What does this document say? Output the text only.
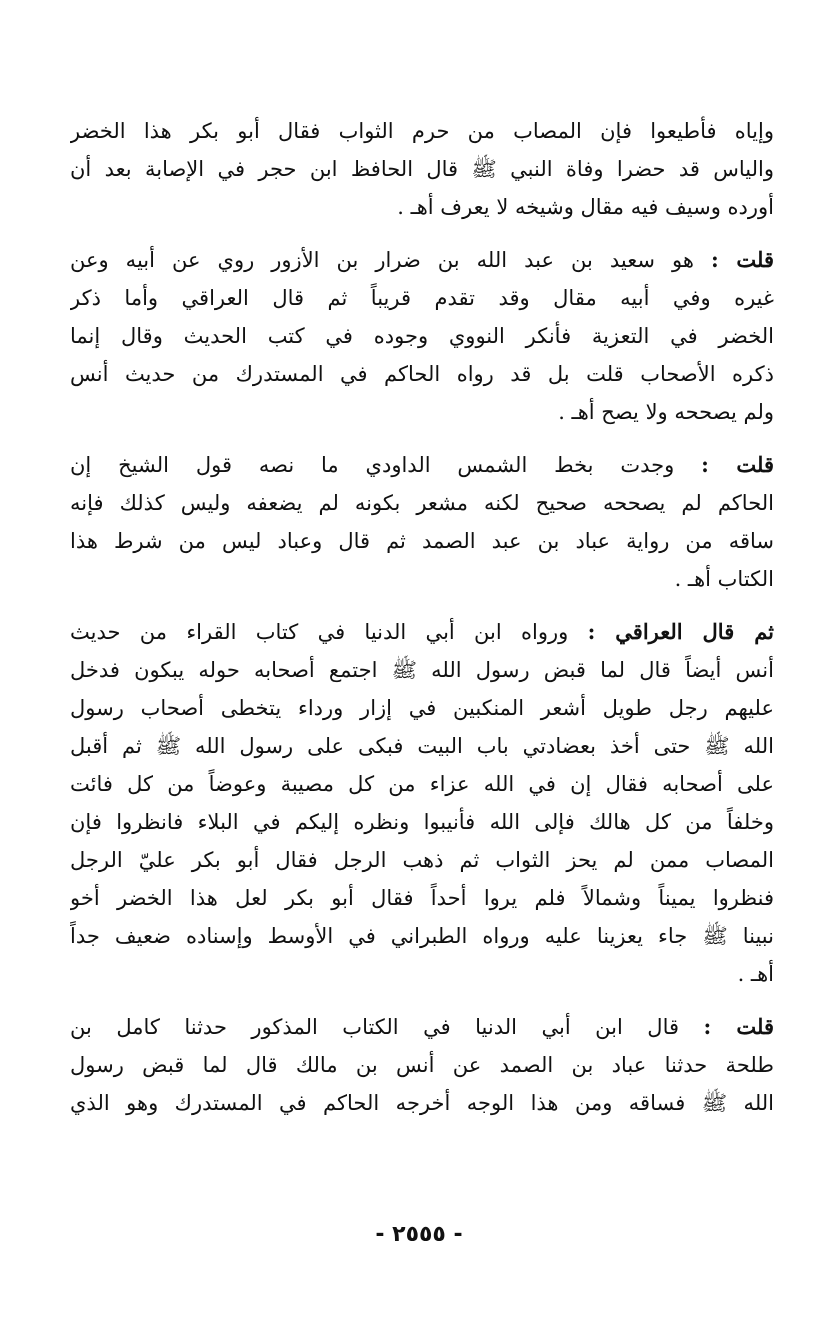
وإياه فأطيعوا فإن المصاب من حرم الثواب فقال أبو بكر هذا الخضر
والياس قد حضرا وفاة النبي ﷺ قال الحافظ ابن حجر في الإصابة بعد أن
أورده وسيف فيه مقال وشيخه لا يعرف أهـ .
قلت : هو سعيد بن عبد الله بن ضرار بن الأزور روي عن أبيه وعن
غيره وفي أبيه مقال وقد تقدم قريباً ثم قال العراقي وأما ذكر
الخضر في التعزية فأنكر النووي وجوده في كتب الحديث وقال إنما
ذكره الأصحاب قلت بل قد رواه الحاكم في المستدرك من حديث أنس
ولم يصححه ولا يصح أهـ .
قلت : وجدت بخط الشمس الداودي ما نصه قول الشيخ إن
الحاكم لم يصححه صحيح لكنه مشعر بكونه لم يضعفه وليس كذلك فإنه
ساقه من رواية عباد بن عبد الصمد ثم قال وعباد ليس من شرط هذا
الكتاب أهـ .
ثم قال العراقي : ورواه ابن أبي الدنيا في كتاب القراء من حديث
أنس أيضاً قال لما قبض رسول الله ﷺ اجتمع أصحابه حوله يبكون فدخل
عليهم رجل طويل أشعر المنكبين في إزار ورداء يتخطى أصحاب رسول
الله ﷺ حتى أخذ بعضادتي باب البيت فبكى على رسول الله ﷺ ثم أقبل
على أصحابه فقال إن في الله عزاء من كل مصيبة وعوضاً من كل فائت
وخلفاً من كل هالك فإلى الله فأنيبوا ونظره إليكم في البلاء فانظروا فإن
المصاب ممن لم يحز الثواب ثم ذهب الرجل فقال أبو بكر عليّ الرجل
فنظروا يميناً وشمالاً فلم يروا أحداً فقال أبو بكر لعل هذا الخضر أخو
نبينا ﷺ جاء يعزينا عليه ورواه الطبراني في الأوسط وإسناده ضعيف جداً
أهـ .
قلت : قال ابن أبي الدنيا في الكتاب المذكور حدثنا كامل بن
طلحة حدثنا عباد بن الصمد عن أنس بن مالك قال لما قبض رسول
الله ﷺ فساقه ومن هذا الوجه أخرجه الحاكم في المستدرك وهو الذي
- ٢٥٥٥ -
